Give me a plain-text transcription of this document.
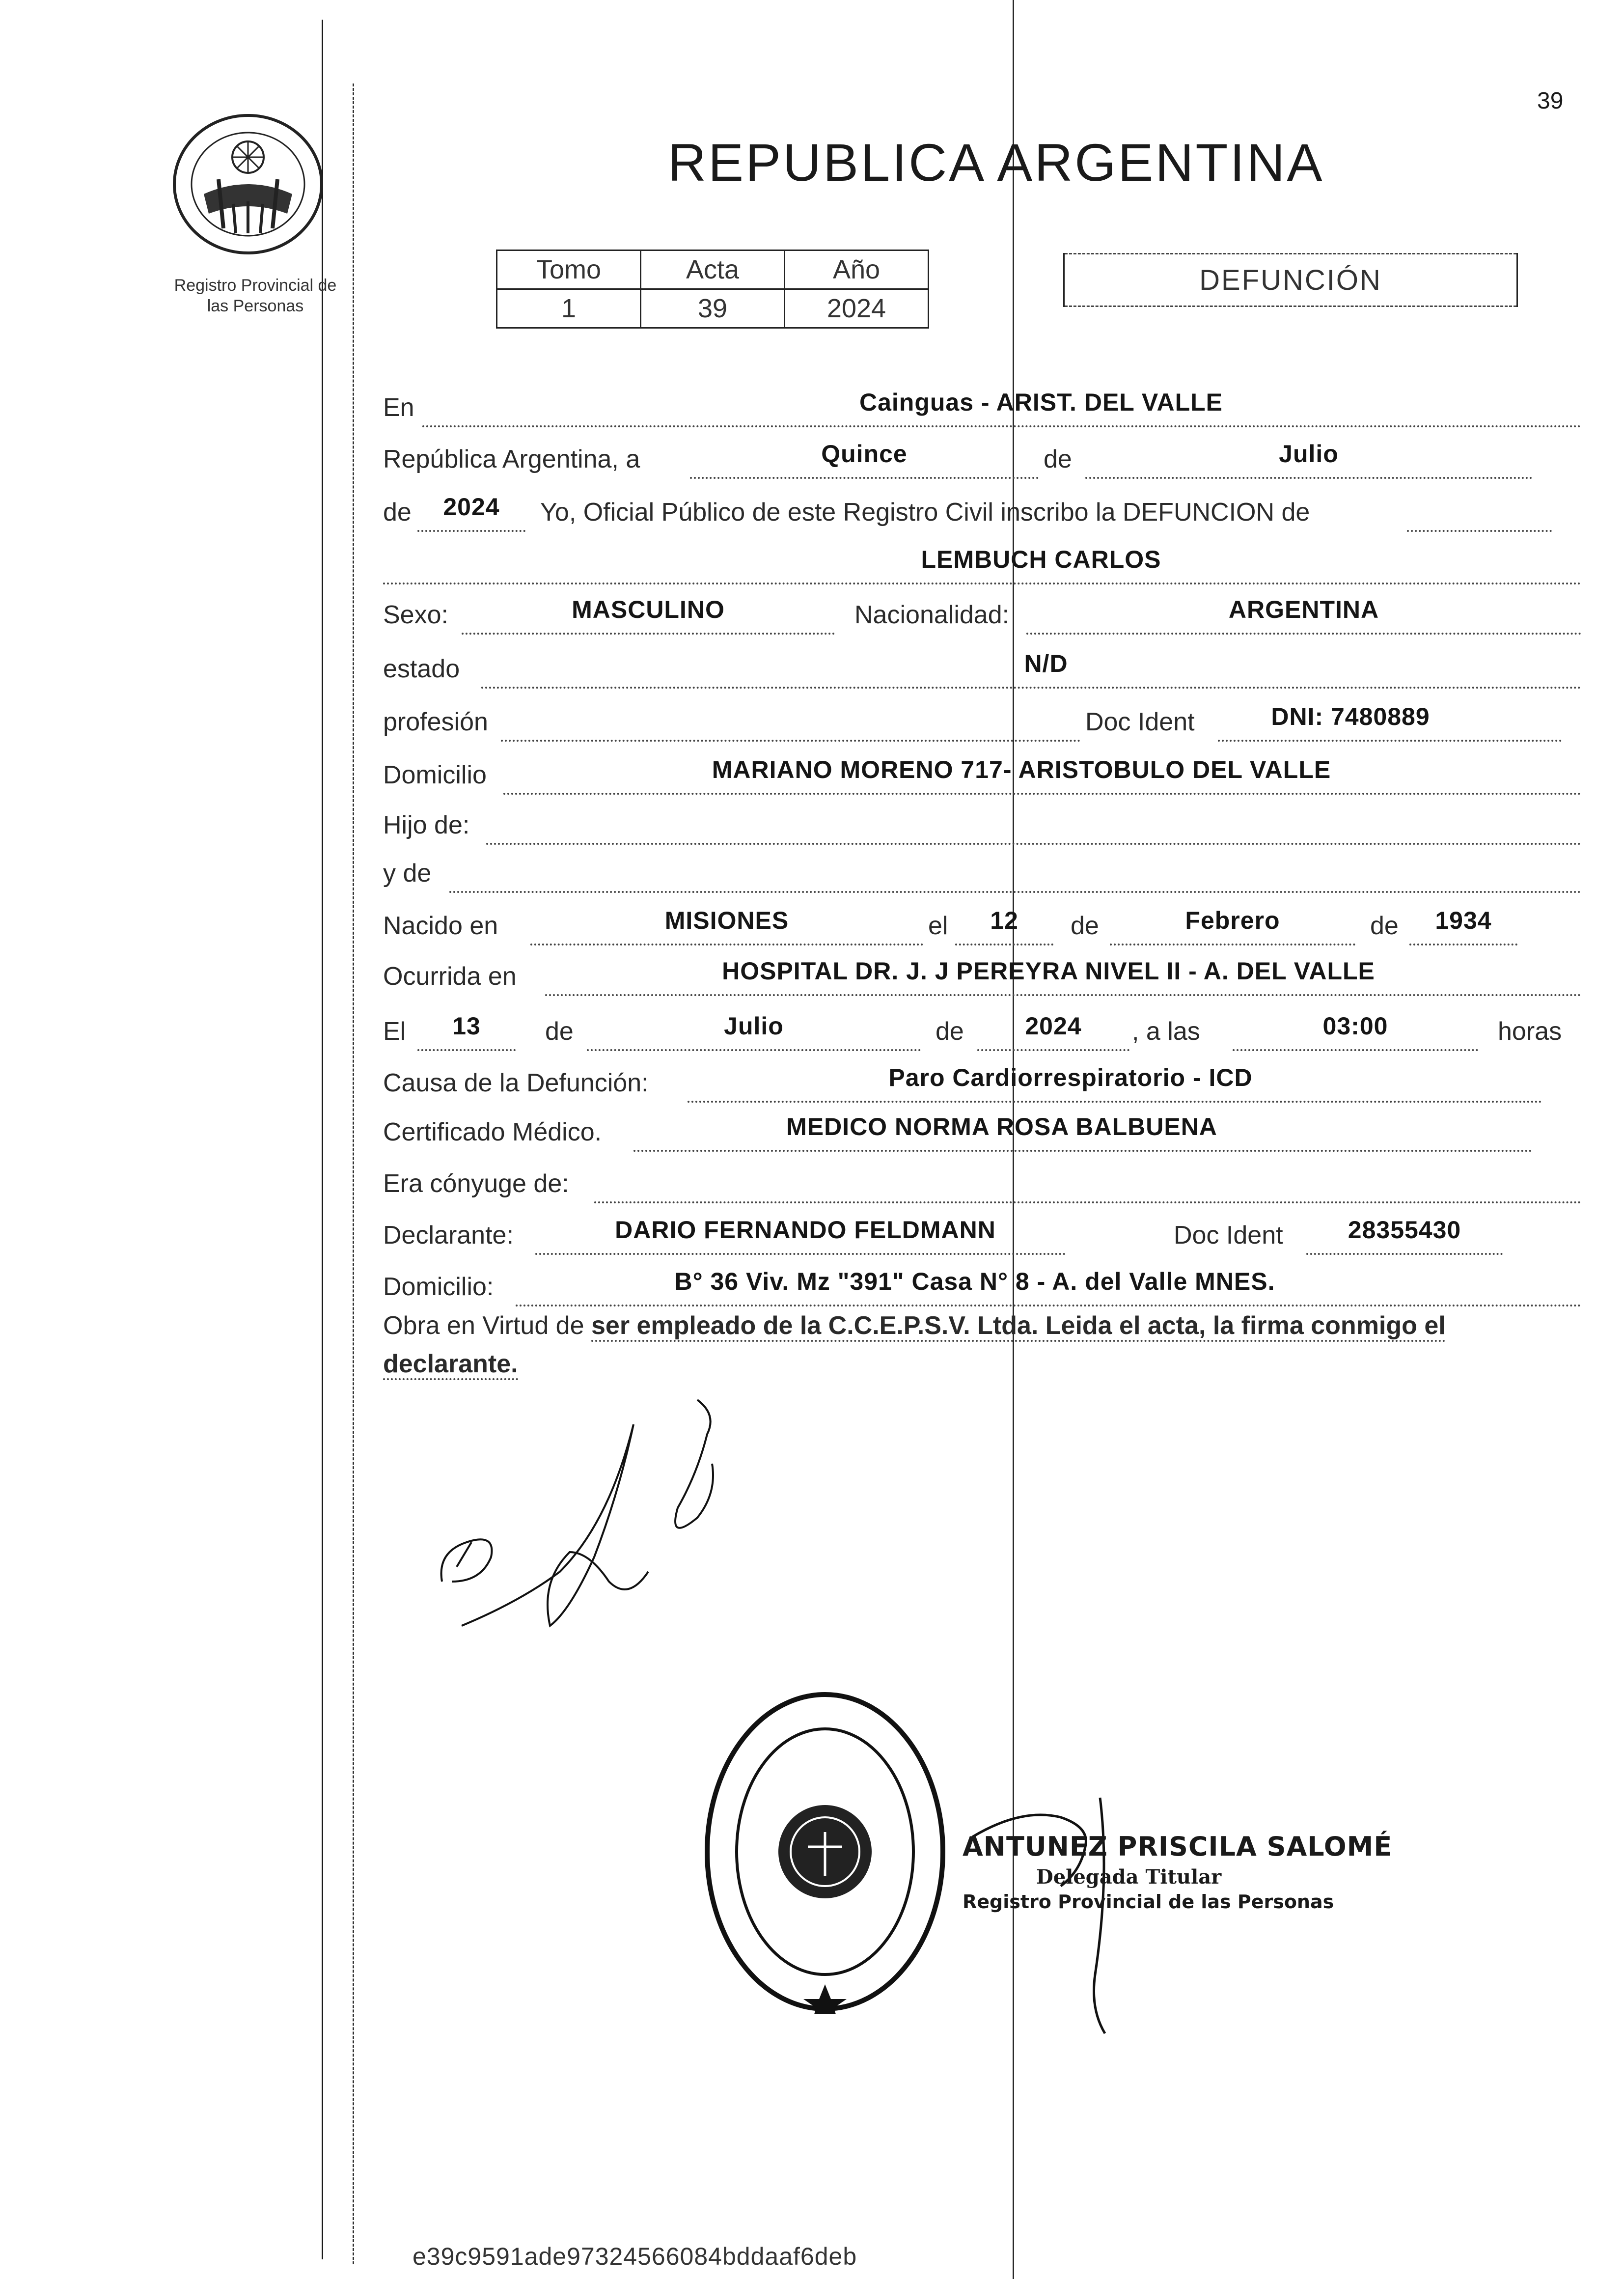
39
Registro Provincial de
las Personas
REPUBLICA ARGENTINA
Tomo	Acta	Año
1	39	2024
DEFUNCIÓN
En	Cainguas - ARIST. DEL VALLE
República Argentina, a	Quince	de	Julio
de	2024	Yo, Oficial Público de este Registro Civil inscribo la DEFUNCION de
LEMBUCH CARLOS
Sexo:	MASCULINO	Nacionalidad:	ARGENTINA
estado	N/D
profesión	Doc Ident	DNI: 7480889
Domicilio	MARIANO MORENO 717- ARISTOBULO DEL VALLE
Hijo de:
y de
Nacido en	MISIONES	el	12	de	Febrero	de	1934
Ocurrida en	HOSPITAL DR. J. J PEREYRA NIVEL II - A. DEL VALLE
El	13	de	Julio	de	2024	, a las	03:00	horas
Causa de la Defunción:	Paro Cardiorrespiratorio - ICD
Certificado Médico.	MEDICO NORMA ROSA BALBUENA
Era cónyuge de:
Declarante:	DARIO FERNANDO FELDMANN	Doc Ident	28355430
Domicilio:	B° 36 Viv. Mz "391" Casa N° 8 - A. del Valle MNES.
Obra en Virtud de ser empleado de la C.C.E.P.S.V. Ltda. Leida el acta, la firma conmigo el declarante.
ANTUNEZ PRISCILA SALOMÉ
Delegada Titular
Registro Provincial de las Personas
e39c9591ade97324566084bddaaf6deb
